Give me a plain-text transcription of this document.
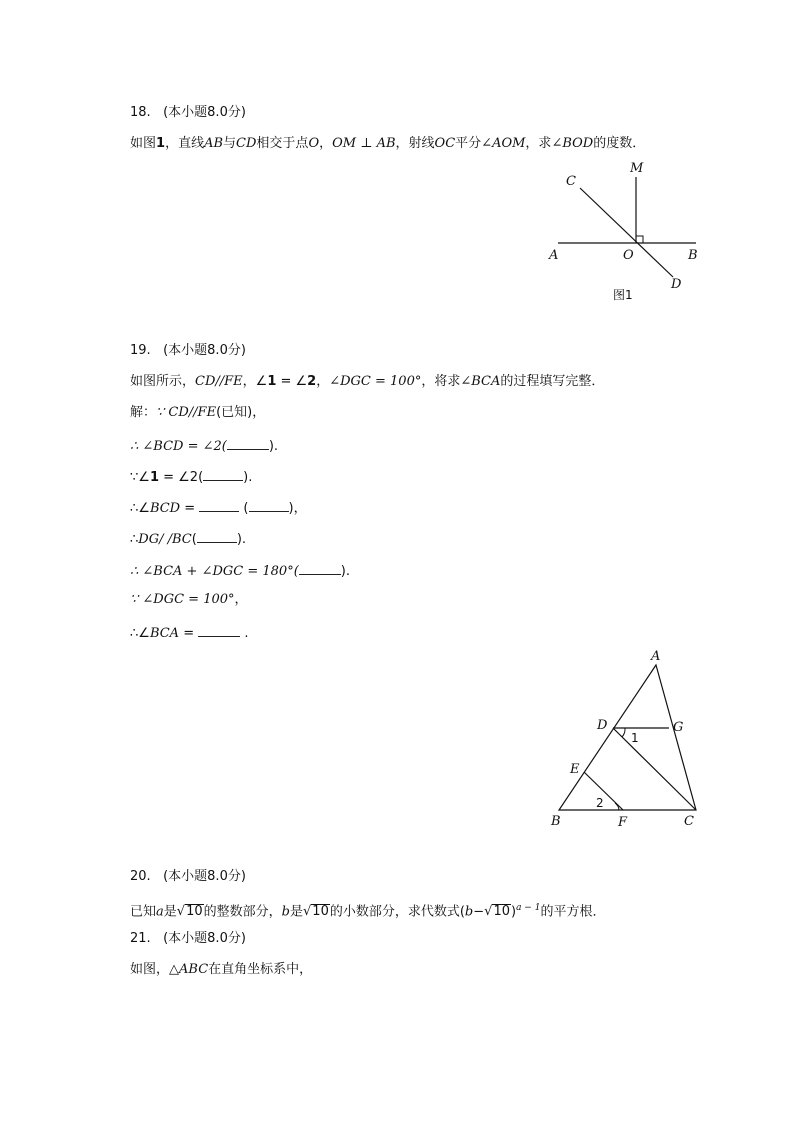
18. (本小题8.0分)
如图1，直线AB与CD相交于点O，OM ⊥ AB，射线OC平分∠AOM，求∠BOD的度数．
C
M
A	O	B
D
图1
19. (本小题8.0分)
如图所示，CD//FE，∠1 = ∠2，∠DGC = 100°，将求∠BCA的过程填写完整．
解：∵ CD//FE(已知)，
∴ ∠BCD = ∠2(	).
∵∠1 = ∠2(	).
∴∠BCD =	(	)，
∴DG/ /BC(	).
∴ ∠BCA + ∠DGC = 180°(	).
∵ ∠DGC = 100°，
∴∠BCA =	.
A
D	G
1
E
2
B	F	C
20. (本小题8.0分)
已知a是√10的整数部分，b是√10的小数部分，求代数式$(b-√10)^{a - 1}$的平方根．
21. (本小题8.0分)
如图，△ABC在直角坐标系中，
